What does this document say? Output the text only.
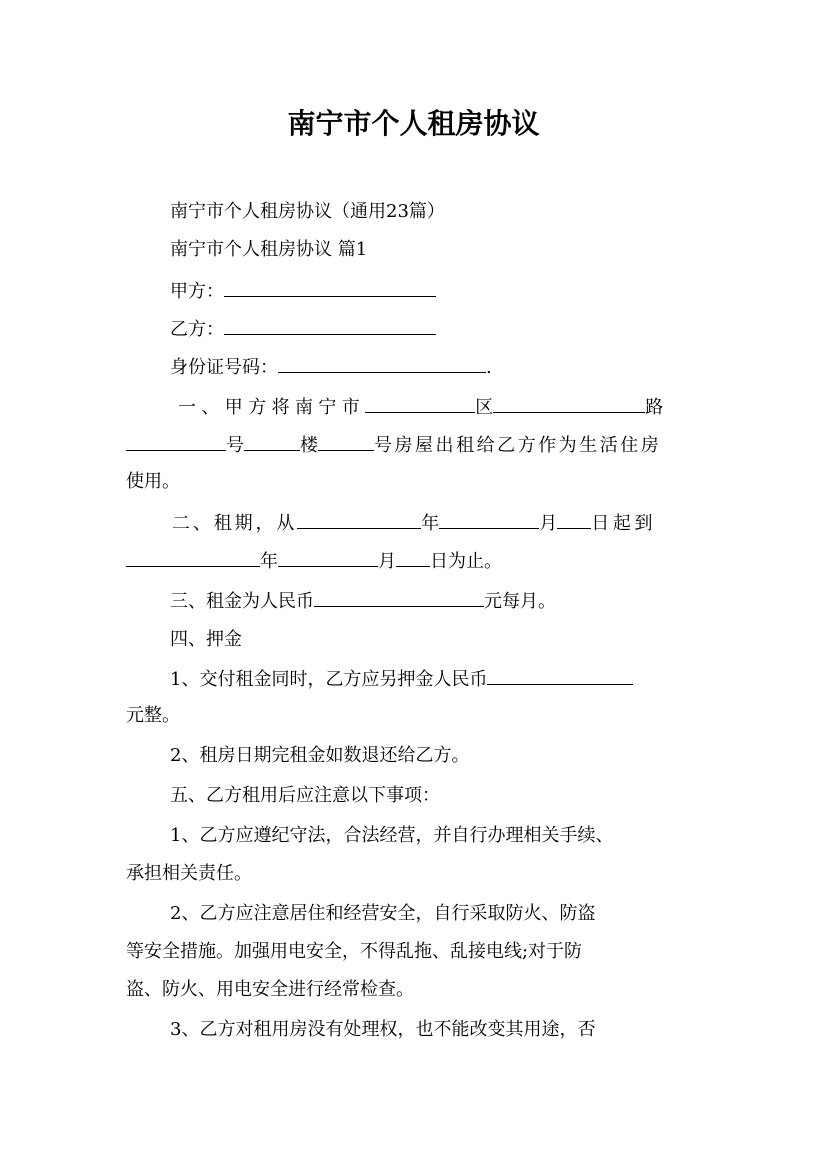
南宁市个人租房协议

南宁市个人租房协议（通用23篇）

南宁市个人租房协议 篇1

甲方：

乙方：

身份证号码：	.

一、甲方将南宁市	区	路

号	楼	号房屋出租给乙方作为生活住房

使用。

二、租期，从	年	月 日起到

年	月 日为止。

三、租金为人民币	元每月。

四、押金

1、交付租金同时，乙方应另押金人民币

元整。

2、租房日期完租金如数退还给乙方。

五、乙方租用后应注意以下事项：

1、乙方应遵纪守法，合法经营，并自行办理相关手续、

承担相关责任。

2、乙方应注意居住和经营安全，自行采取防火、防盗

等安全措施。加强用电安全，不得乱拖、乱接电线;对于防

盗、防火、用电安全进行经常检查。

3、乙方对租用房没有处理权，也不能改变其用途，否
